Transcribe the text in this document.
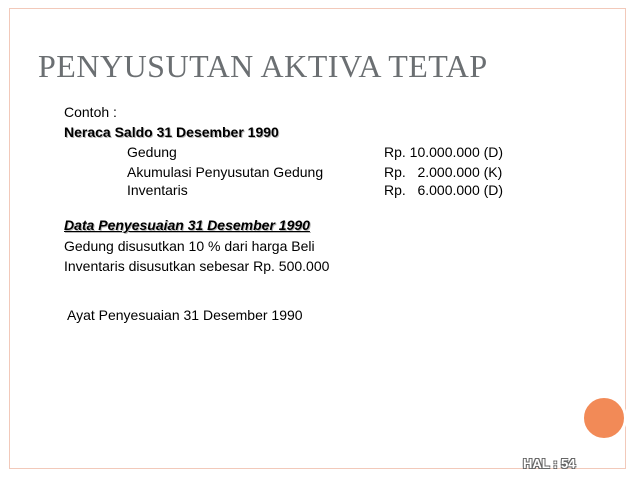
PENYUSUTAN AKTIVA TETAP
Contoh :
Neraca Saldo 31 Desember 1990
Gedung	Rp. 10.000.000 (D)
Akumulasi Penyusutan Gedung	Rp.   2.000.000 (K)
Inventaris	Rp.   6.000.000 (D)
Data Penyesuaian 31 Desember 1990
Gedung disusutkan 10 % dari harga Beli
Inventaris disusutkan sebesar Rp. 500.000
Ayat Penyesuaian 31 Desember 1990
HAL : 54
